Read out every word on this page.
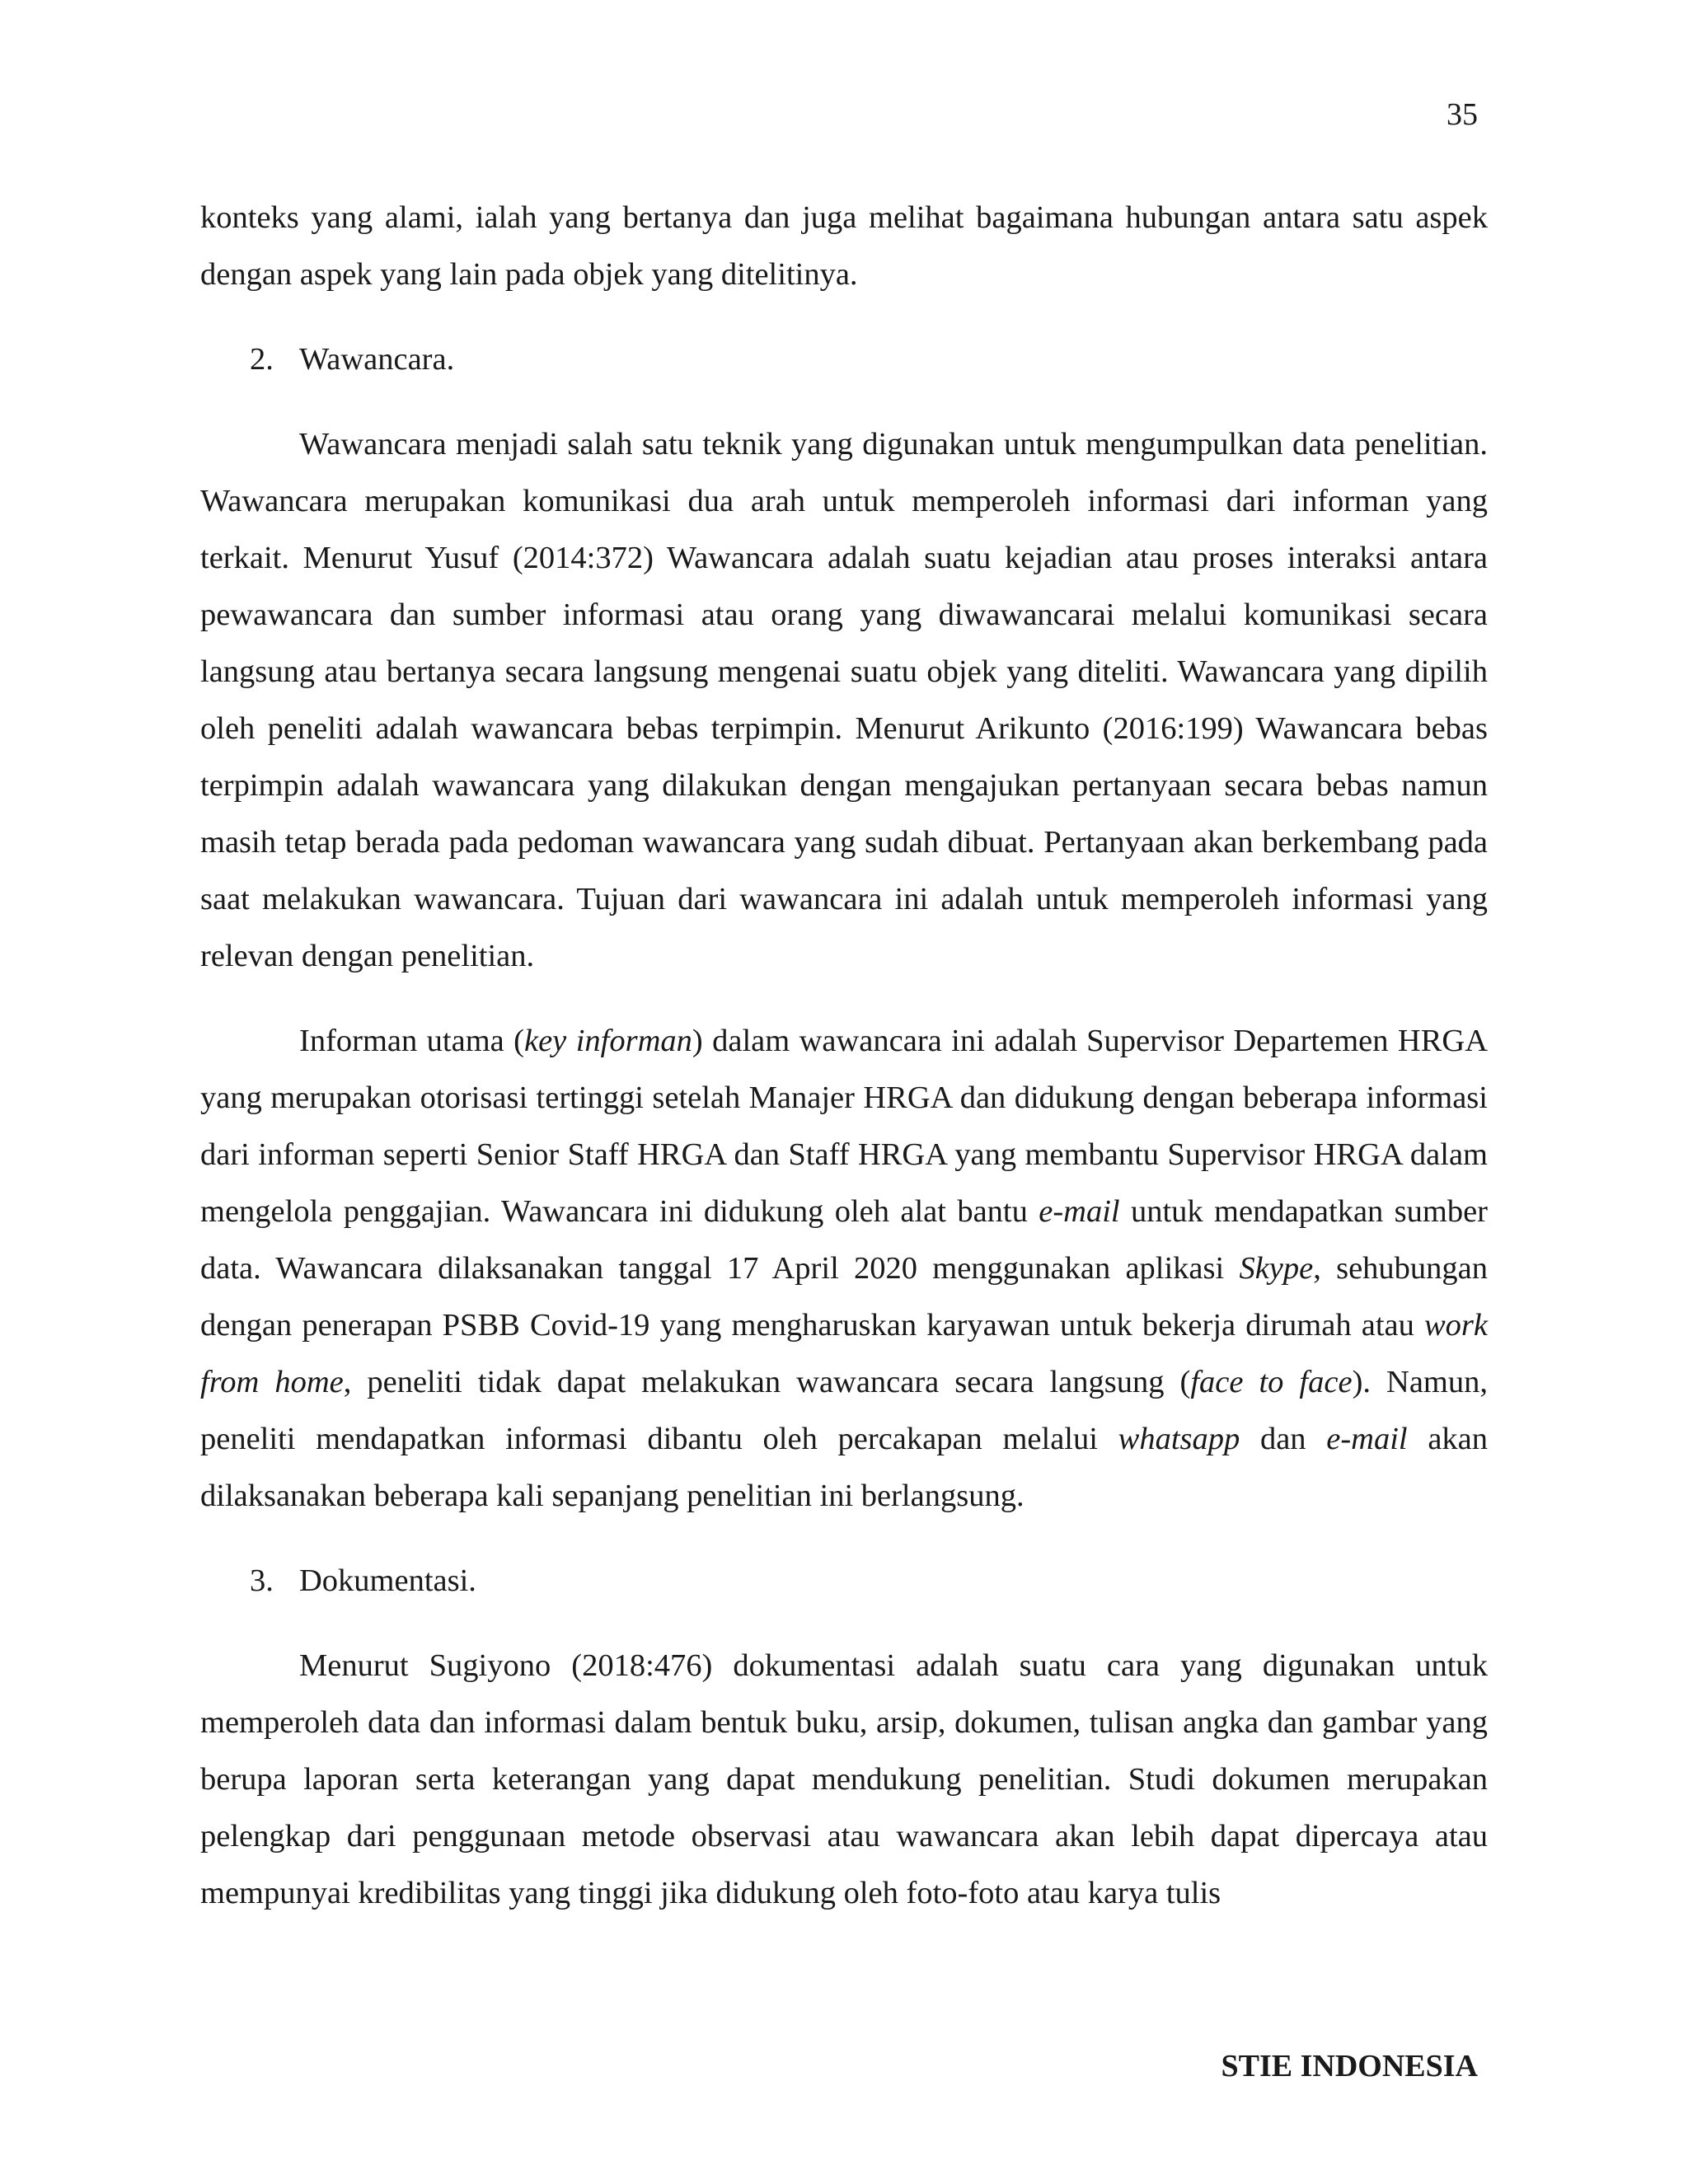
35

konteks yang alami, ialah yang bertanya dan juga melihat bagaimana hubungan antara satu aspek dengan aspek yang lain pada objek yang ditelitinya.

2. Wawancara.

Wawancara menjadi salah satu teknik yang digunakan untuk mengumpulkan data penelitian. Wawancara merupakan komunikasi dua arah untuk memperoleh informasi dari informan yang terkait. Menurut Yusuf (2014:372) Wawancara adalah suatu kejadian atau proses interaksi antara pewawancara dan sumber informasi atau orang yang diwawancarai melalui komunikasi secara langsung atau bertanya secara langsung mengenai suatu objek yang diteliti. Wawancara yang dipilih oleh peneliti adalah wawancara bebas terpimpin. Menurut Arikunto (2016:199) Wawancara bebas terpimpin adalah wawancara yang dilakukan dengan mengajukan pertanyaan secara bebas namun masih tetap berada pada pedoman wawancara yang sudah dibuat. Pertanyaan akan berkembang pada saat melakukan wawancara. Tujuan dari wawancara ini adalah untuk memperoleh informasi yang relevan dengan penelitian.

Informan utama (key informan) dalam wawancara ini adalah Supervisor Departemen HRGA yang merupakan otorisasi tertinggi setelah Manajer HRGA dan didukung dengan beberapa informasi dari informan seperti Senior Staff HRGA dan Staff HRGA yang membantu Supervisor HRGA dalam mengelola penggajian. Wawancara ini didukung oleh alat bantu e-mail untuk mendapatkan sumber data. Wawancara dilaksanakan tanggal 17 April 2020 menggunakan aplikasi Skype, sehubungan dengan penerapan PSBB Covid-19 yang mengharuskan karyawan untuk bekerja dirumah atau work from home, peneliti tidak dapat melakukan wawancara secara langsung (face to face). Namun, peneliti mendapatkan informasi dibantu oleh percakapan melalui whatsapp dan e-mail akan dilaksanakan beberapa kali sepanjang penelitian ini berlangsung.

3. Dokumentasi.

Menurut Sugiyono (2018:476) dokumentasi adalah suatu cara yang digunakan untuk memperoleh data dan informasi dalam bentuk buku, arsip, dokumen, tulisan angka dan gambar yang berupa laporan serta keterangan yang dapat mendukung penelitian. Studi dokumen merupakan pelengkap dari penggunaan metode observasi atau wawancara akan lebih dapat dipercaya atau mempunyai kredibilitas yang tinggi jika didukung oleh foto-foto atau karya tulis

STIE INDONESIA
